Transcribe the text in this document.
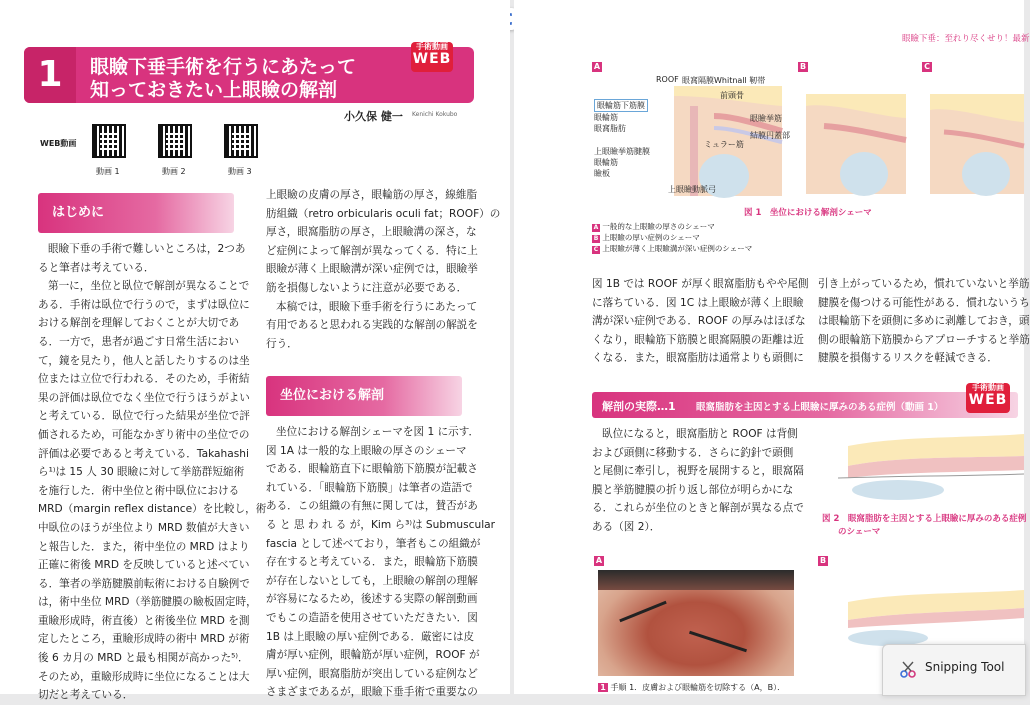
1	眼瞼下垂手術を行うにあたって
知っておきたい上眼瞼の解剖
手術動画
WEB
小久保 健一 Kenichi Kokubo
WEB動画
動画 1	動画 2	動画 3
はじめに
眼瞼下垂の手術で難しいところは，2つあ
ると筆者は考えている．
第一に，坐位と臥位で解剖が異なることで
ある．手術は臥位で行うので，まずは臥位に
おける解剖を理解しておくことが大切であ
る．一方で，患者が過ごす日常生活におい
て，鏡を見たり，他人と話したりするのは坐
位または立位で行われる．そのため，手術結
果の評価は臥位でなく坐位で行うほうがよい
と考えている．臥位で行った結果が坐位で評
価されるため，可能なかぎり術中の坐位での
評価は必要であると考えている．Takahashi
ら¹⁾は 15 人 30 眼瞼に対して挙筋群短縮術
を施行した．術中坐位と術中臥位における
MRD（margin reflex distance）を比較し，術
中臥位のほうが坐位より MRD 数値が大きい
と報告した．また，術中坐位の MRD はより
正確に術後 MRD を反映していると述べてい
る．筆者の挙筋腱膜前転術における自験例で
は，術中坐位 MRD（挙筋腱膜の瞼板固定時，
重瞼形成時，術直後）と術後坐位 MRD を測
定したところ，重瞼形成時の術中 MRD が術
後 6 カ月の MRD と最も相関が高かった⁵⁾．
そのため，重瞼形成時に坐位になることは大
切だと考えている．
上眼瞼の皮膚の厚さ，眼輪筋の厚さ，線維脂
肪組織（retro orbicularis oculi fat；ROOF）の
厚さ，眼窩脂肪の厚さ，上眼瞼溝の深さ，な
ど症例によって解剖が異なってくる．特に上
眼瞼が薄く上眼瞼溝が深い症例では，眼瞼挙
筋を損傷しないように注意が必要である．
本稿では，眼瞼下垂手術を行うにあたって
有用であると思われる実践的な解剖の解説を
行う．
坐位における解剖
坐位における解剖シェーマを図 1 に示す．
図 1A は一般的な上眼瞼の厚さのシェーマ
である．眼輪筋直下に眼輪筋下筋膜が記載さ
れている．「眼輪筋下筋膜」は筆者の造語で
ある．この組織の有無に関しては，賛否があ
る と 思 わ れ る が，Kim ら³⁾は Submuscular
fascia として述べており，筆者もこの組織が
存在すると考えている．また，眼輪筋下筋膜
が存在しないとしても，上眼瞼の解剖の理解
が容易になるため，後述する実際の解剖動画
でもこの造語を使用させていただきたい．図
1B は上眼瞼の厚い症例である．厳密には皮
膚が厚い症例，眼輪筋が厚い症例，ROOF が
厚い症例，眼窩脂肪が突出している症例など
さまざまであるが，眼瞼下垂手術で重要なの
眼瞼下垂：至れり尽くせり！最新
A	B	C
ROOF 眼窩隔膜 Whitnall 靭帯
前頭骨
眼輪筋下筋膜
眼輪筋
眼窩脂肪
眼瞼挙筋
結膜円蓋部
ミュラー筋
上眼瞼挙筋腱膜
眼輪筋
瞼板
上眼瞼動脈弓
図 1　坐位における解剖シェーマ
A 一般的な上眼瞼の厚さのシェーマ
B 上眼瞼の厚い症例のシェーマ
C 上眼瞼が薄く上眼瞼溝が深い症例のシェーマ
図 1B では ROOF が厚く眼窩脂肪もやや尾側
に落ちている．図 1C は上眼瞼が薄く上眼瞼
溝が深い症例である．ROOF の厚みはほぼな
くなり，眼輪筋下筋膜と眼窩隔膜の距離は近
くなる．また，眼窩脂肪は通常よりも頭側に
引き上がっているため，慣れていないと挙筋
腱膜を傷つける可能性がある．慣れないうち
は眼輪筋下を頭側に多めに剥離しておき，頭
側の眼輪筋下筋膜からアプローチすると挙筋
腱膜を損傷するリスクを軽減できる．
解剖の実際…1 眼窩脂肪を主因とする上眼瞼に厚みのある症例（動画 1）
手術動画
WEB
臥位になると，眼窩脂肪と ROOF は背側
および頭側に移動する．さらに釣針で頭側
と尾側に牽引し，視野を展開すると，眼窩隔
膜と挙筋腱膜の折り返し部位が明らかにな
る．これらが坐位のときと解剖が異なる点で
ある（図 2）．
図 2　眼窩脂肪を主因とする上眼瞼に厚みのある症例
のシェーマ
A	B
1 手順 1．皮膚および眼輪筋を切除する（A，B）．
Snipping Tool
